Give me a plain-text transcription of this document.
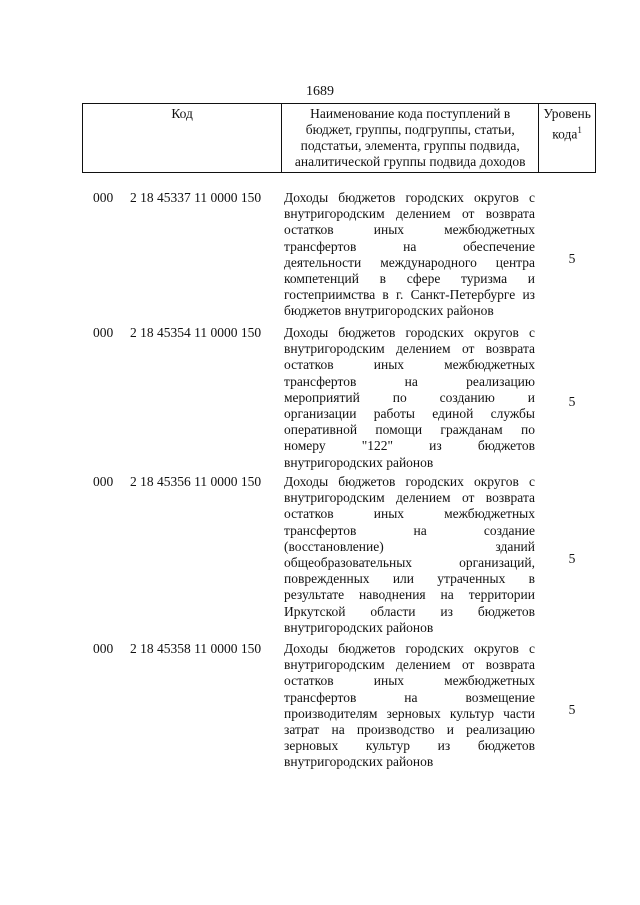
1689
Код	Наименование кода поступлений в
бюджет, группы, подгруппы, статьи,
подстатьи, элемента, группы подвида,
аналитической группы подвида доходов
Уровень
кода$^1$
000 2 18 45337 11 0000 150 Доходы бюджетов городских округов с
внутригородским делением от возврата
остатков иных межбюджетных
трансфертов на обеспечение
деятельности международного центра
компетенций в сфере туризма и
гостеприимства в г. Санкт-Петербурге из
бюджетов внутригородских районов
5
000 2 18 45354 11 0000 150 Доходы бюджетов городских округов с
внутригородским делением от возврата
остатков иных межбюджетных
трансфертов на реализацию
мероприятий по созданию и
организации работы единой службы
оперативной помощи гражданам по
номеру "122" из бюджетов
внутригородских районов
5
000 2 18 45356 11 0000 150 Доходы бюджетов городских округов с
внутригородским делением от возврата
остатков иных межбюджетных
трансфертов на создание
(восстановление) зданий
общеобразовательных организаций,
поврежденных или утраченных в
результате наводнения на территории
Иркутской области из бюджетов
внутригородских районов
5
000 2 18 45358 11 0000 150 Доходы бюджетов городских округов с
внутригородским делением от возврата
остатков иных межбюджетных
трансфертов на возмещение
производителям зерновых культур части
затрат на производство и реализацию
зерновых культур из бюджетов
внутригородских районов
5
